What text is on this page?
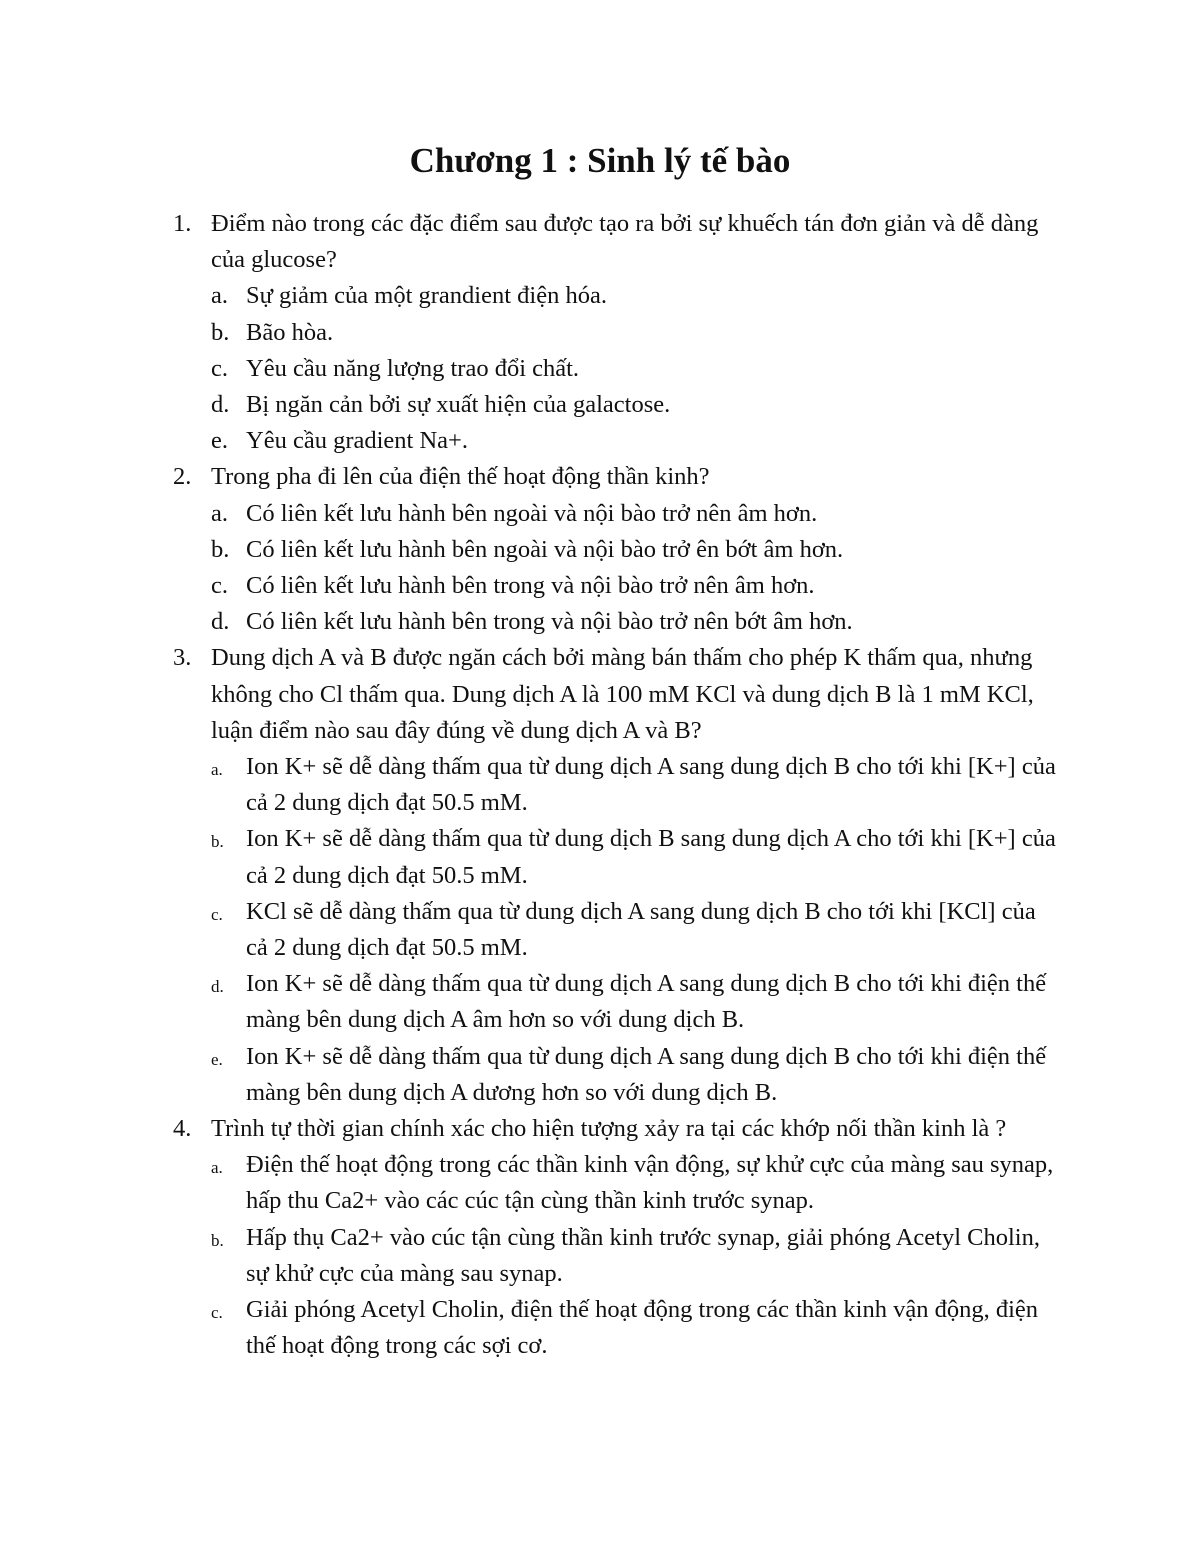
Chương 1 : Sinh lý tế bào
1. Điểm nào trong các đặc điểm sau được tạo ra bởi sự khuếch tán đơn giản và dễ dàng của glucose?
a. Sự giảm của một grandient điện hóa.
b. Bão hòa.
c. Yêu cầu năng lượng trao đổi chất.
d. Bị ngăn cản bởi sự xuất hiện của galactose.
e. Yêu cầu gradient Na+.
2. Trong pha đi lên của điện thế hoạt động thần kinh?
a. Có liên kết lưu hành bên ngoài và nội bào trở nên âm hơn.
b. Có liên kết lưu hành bên ngoài và nội bào trở ên bớt âm hơn.
c. Có liên kết lưu hành bên trong và nội bào trở nên âm hơn.
d. Có liên kết lưu hành bên trong và nội bào trở nên bớt âm hơn.
3. Dung dịch A và B được ngăn cách bởi màng bán thấm cho phép K thấm qua, nhưng không cho Cl thấm qua. Dung dịch A là 100 mM KCl và dung dịch B là 1 mM KCl, luận điểm nào sau đây đúng về dung dịch A và B?
a. Ion K+ sẽ dễ dàng thấm qua từ dung dịch A sang dung dịch B cho tới khi [K+] của cả 2 dung dịch đạt 50.5 mM.
b. Ion K+ sẽ dễ dàng thấm qua từ dung dịch B sang dung dịch A cho tới khi [K+] của cả 2 dung dịch đạt 50.5 mM.
c. KCl sẽ dễ dàng thấm qua từ dung dịch A sang dung dịch B cho tới khi [KCl] của cả 2 dung dịch đạt 50.5 mM.
d. Ion K+ sẽ dễ dàng thấm qua từ dung dịch A sang dung dịch B cho tới khi điện thế màng bên dung dịch A âm hơn so với dung dịch B.
e. Ion K+ sẽ dễ dàng thấm qua từ dung dịch A sang dung dịch B cho tới khi điện thế màng bên dung dịch A dương hơn so với dung dịch B.
4. Trình tự thời gian chính xác cho hiện tượng xảy ra tại các khớp nối thần kinh là ?
a. Điện thế hoạt động trong các thần kinh vận động, sự khử cực của màng sau synap, hấp thu Ca2+ vào các cúc tận cùng thần kinh trước synap.
b. Hấp thụ Ca2+ vào cúc tận cùng thần kinh trước synap, giải phóng Acetyl Cholin, sự khử cực của màng sau synap.
c. Giải phóng Acetyl Cholin, điện thế hoạt động trong các thần kinh vận động, điện thế hoạt động trong các sợi cơ.
